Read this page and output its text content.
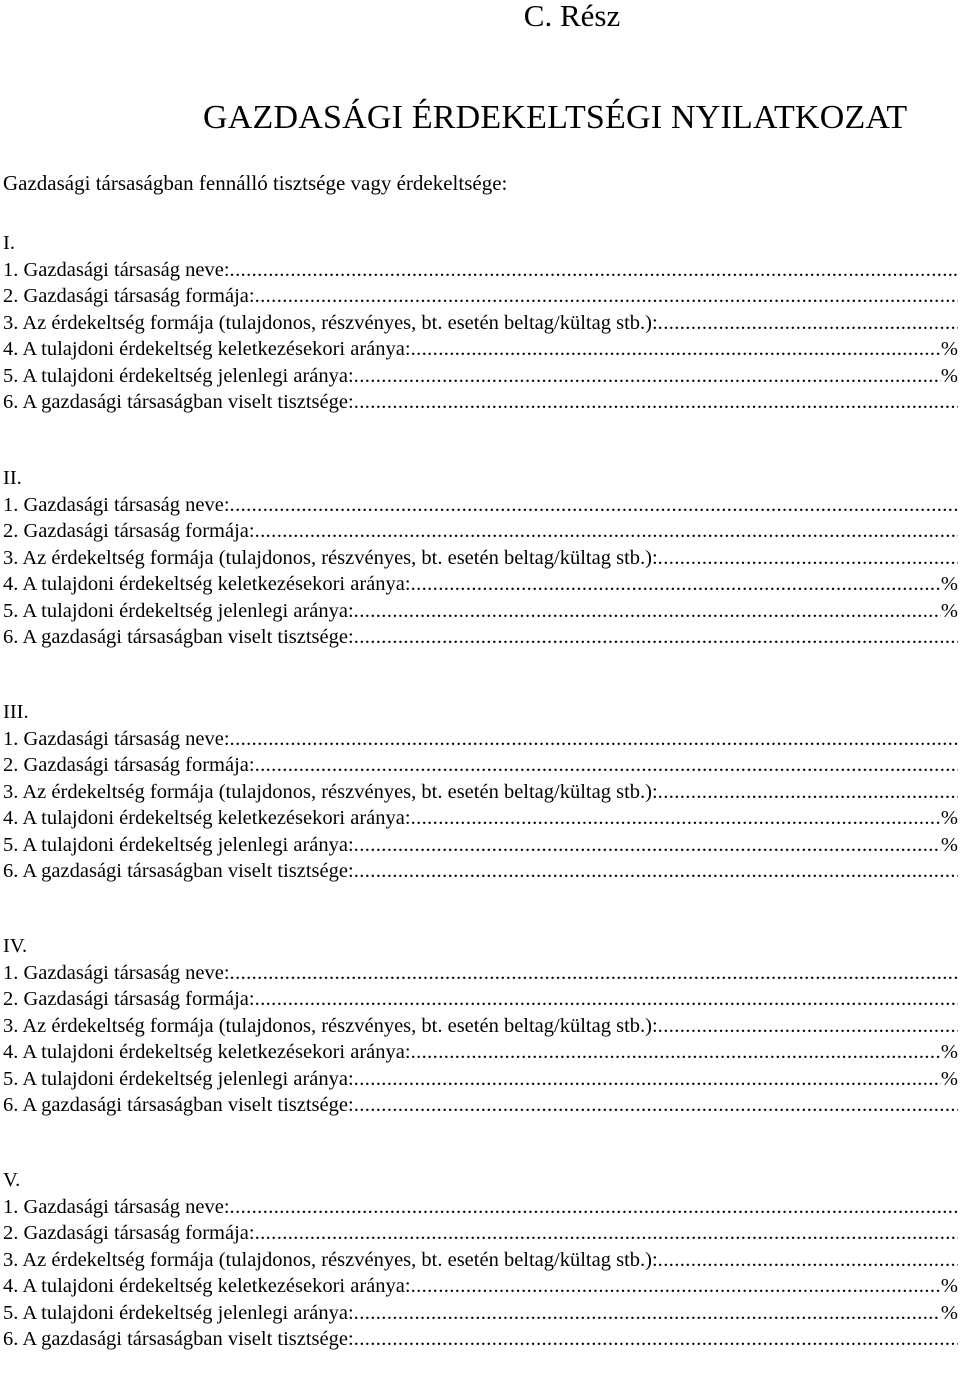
C. Rész
GAZDASÁGI ÉRDEKELTSÉGI NYILATKOZAT
Gazdasági társaságban fennálló tisztsége vagy érdekeltsége:
I.
1. Gazdasági társaság neve: .....	..
2. Gazdasági társaság formája:
.....
3. Az érdekeltség formája (tulajdonos, részvényes, bt. esetén beltag/kültag stb.):
.....
4. A tulajdoni érdekeltség keletkezésekori aránya: .....	%
5. A tulajdoni érdekeltség jelenlegi aránya: .....	%
6. A gazdasági társaságban viselt tisztsége:
.....
II.
1. Gazdasági társaság neve:
.....
2. Gazdasági társaság formája:
.....
3. Az érdekeltség formája (tulajdonos, részvényes, bt. esetén beltag/kültag stb.):
.....
4. A tulajdoni érdekeltség keletkezésekori aránya: .....	%
5. A tulajdoni érdekeltség jelenlegi aránya: .....	%
6. A gazdasági társaságban viselt tisztsége:
.....
III.
1. Gazdasági társaság neve:
.....
2. Gazdasági társaság formája:
.....
3. Az érdekeltség formája (tulajdonos, részvényes, bt. esetén beltag/kültag stb.):
.....
4. A tulajdoni érdekeltség keletkezésekori aránya: .....	%
5. A tulajdoni érdekeltség jelenlegi aránya: .....	%
6. A gazdasági társaságban viselt tisztsége:
.....
IV.
1. Gazdasági társaság neve:
.....
2. Gazdasági társaság formája:
.....
3. Az érdekeltség formája (tulajdonos, részvényes, bt. esetén beltag/kültag stb.):
.....
4. A tulajdoni érdekeltség keletkezésekori aránya: .....	%
5. A tulajdoni érdekeltség jelenlegi aránya: .....	%
6. A gazdasági társaságban viselt tisztsége:
.....
V.
1. Gazdasági társaság neve:
.....
2. Gazdasági társaság formája:
.....
3. Az érdekeltség formája (tulajdonos, részvényes, bt. esetén beltag/kültag stb.):
.....
4. A tulajdoni érdekeltség keletkezésekori aránya: .....	%
5. A tulajdoni érdekeltség jelenlegi aránya: .....	%
6. A gazdasági társaságban viselt tisztsége:
.....
